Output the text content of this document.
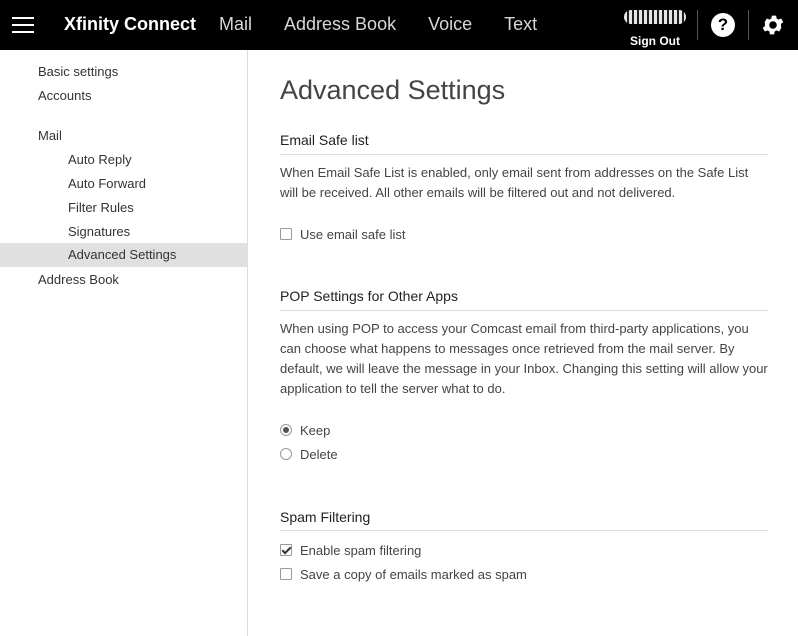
Xfinity Connect Mail Address Book Voice Text
Sign Out
?
Basic settings
Accounts
Mail
Auto Reply
Auto Forward
Filter Rules
Signatures
Advanced Settings
Address Book
Advanced Settings
Email Safe list
When Email Safe List is enabled, only email sent from addresses on the Safe List will be received. All other emails will be filtered out and not delivered.
Use email safe list
POP Settings for Other Apps
When using POP to access your Comcast email from third-party applications, you can choose what happens to messages once retrieved from the mail server. By default, we will leave the message in your Inbox. Changing this setting will allow your application to tell the server what to do.
Keep
Delete
Spam Filtering
Enable spam filtering
Save a copy of emails marked as spam
